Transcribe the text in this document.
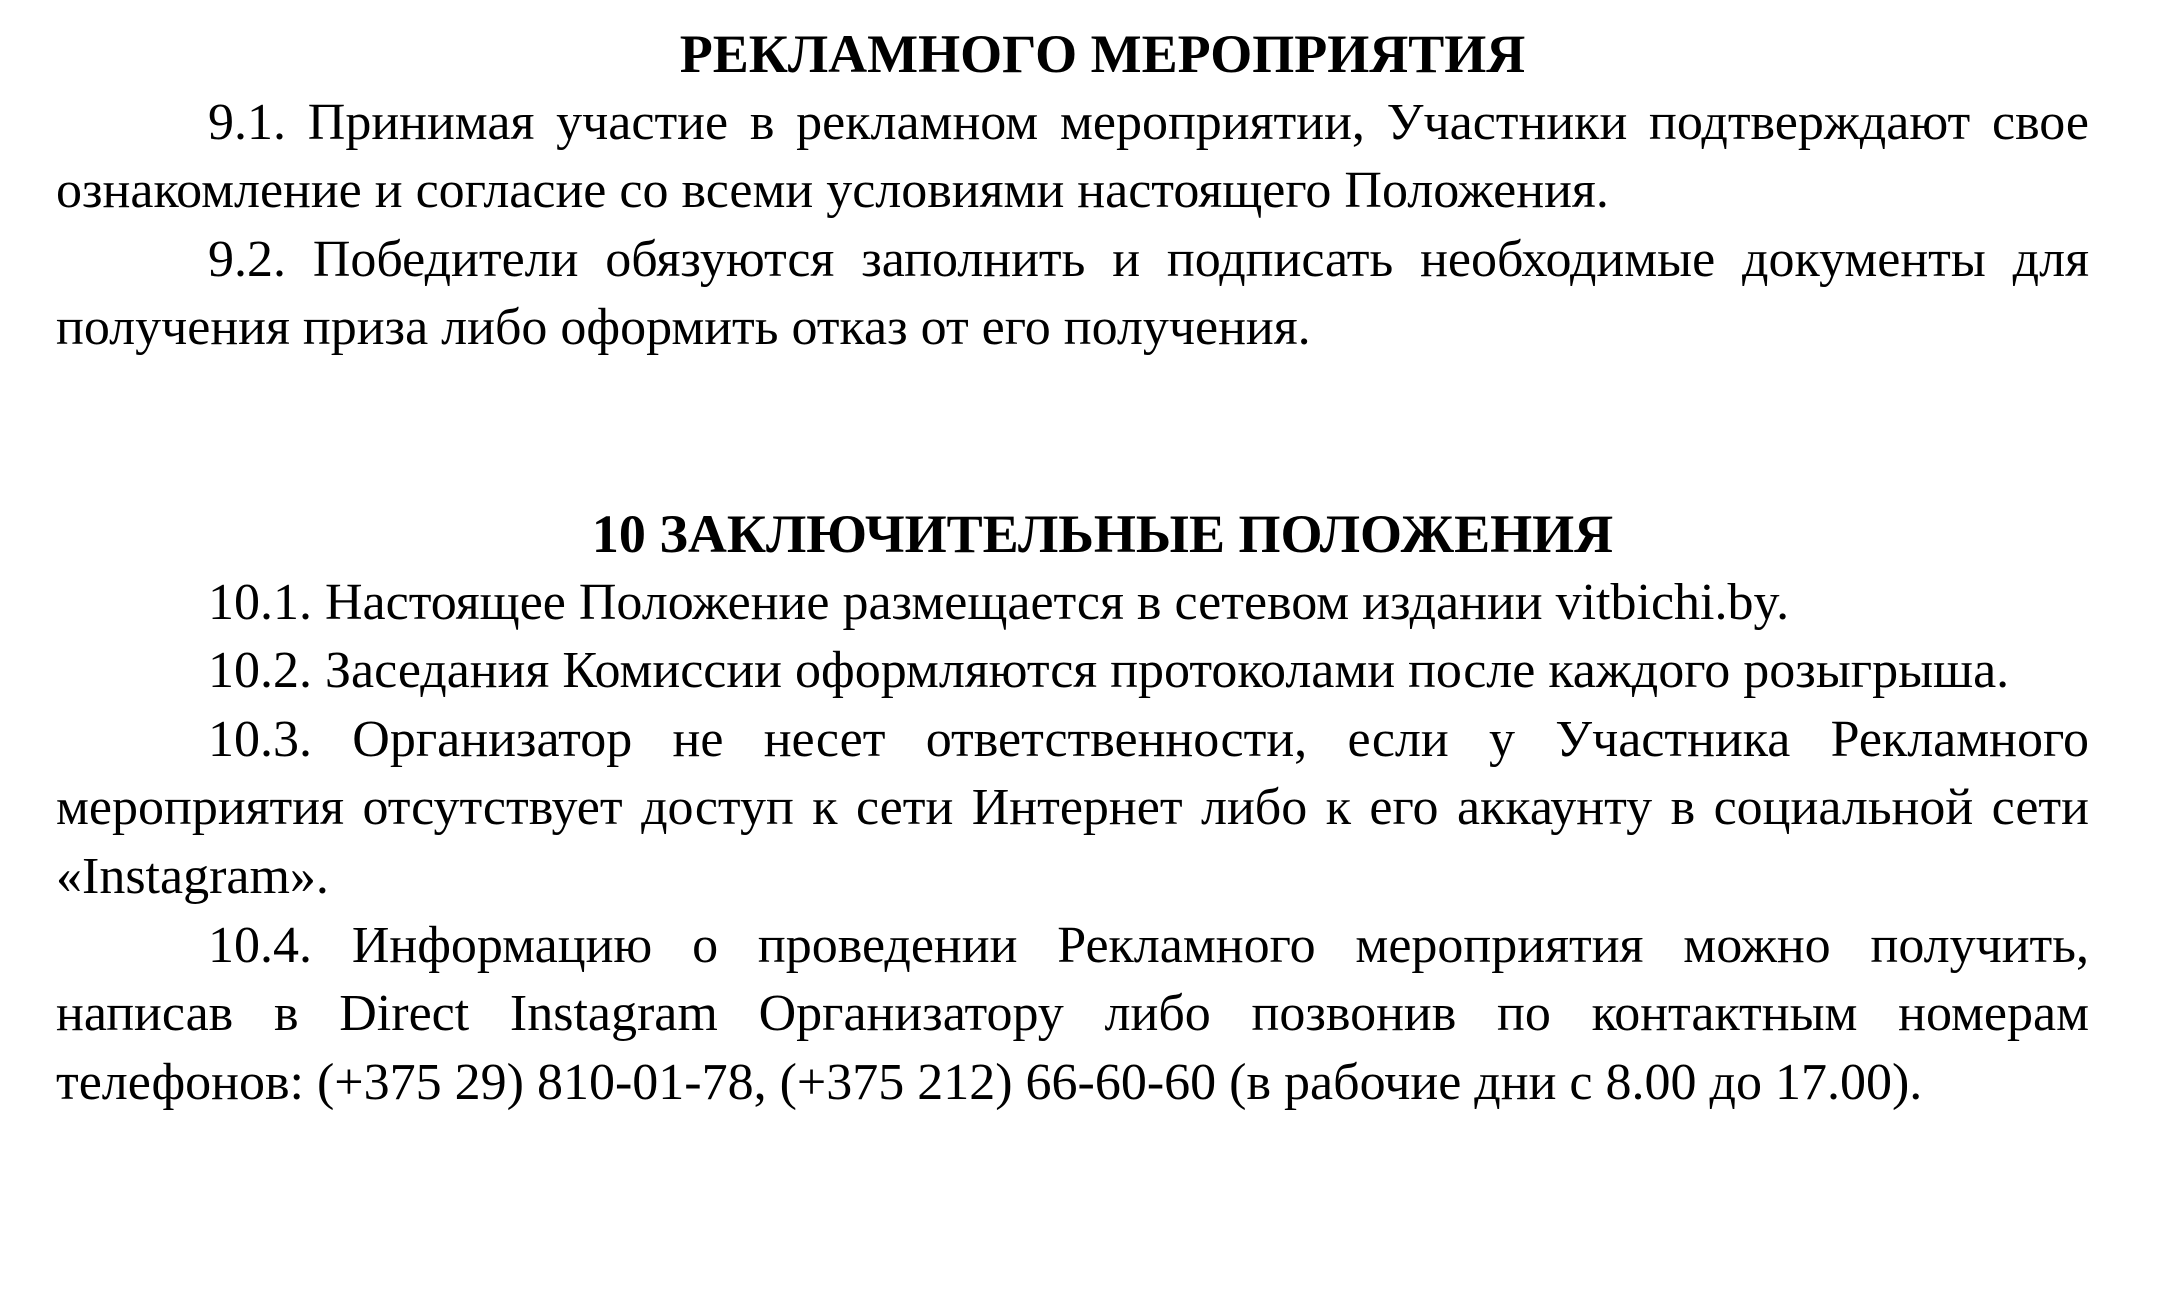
РЕКЛАМНОГО МЕРОПРИЯТИЯ

9.1. Принимая участие в рекламном мероприятии, Участники подтверждают свое ознакомление и согласие со всеми условиями настоящего Положения.

9.2. Победители обязуются заполнить и подписать необходимые документы для получения приза либо оформить отказ от его получения.

10 ЗАКЛЮЧИТЕЛЬНЫЕ ПОЛОЖЕНИЯ

10.1. Настоящее Положение размещается в сетевом издании vitbichi.by.

10.2. Заседания Комиссии оформляются протоколами после каждого розыгрыша.

10.3. Организатор не несет ответственности, если у Участника Рекламного мероприятия отсутствует доступ к сети Интернет либо к его аккаунту в социальной сети «Instagram».

10.4. Информацию о проведении Рекламного мероприятия можно получить, написав в Direct Instagram Организатору либо позвонив по контактным номерам телефонов: (+375 29) 810-01-78, (+375 212) 66-60-60 (в рабочие дни с 8.00 до 17.00).
